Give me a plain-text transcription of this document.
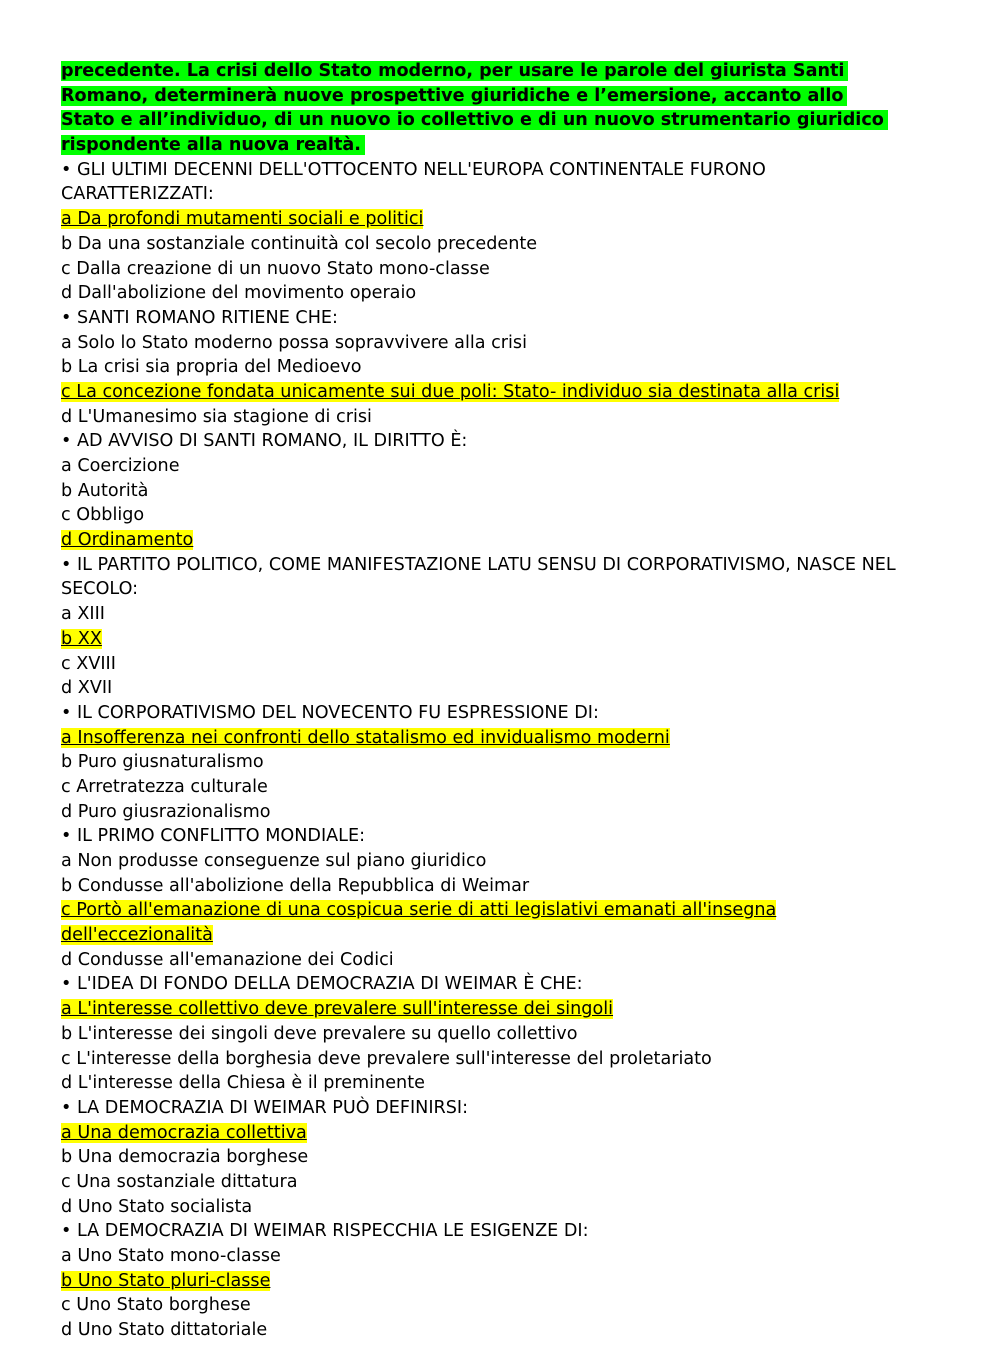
precedente. La crisi dello Stato moderno, per usare le parole del giurista Santi
Romano, determinerà nuove prospettive giuridiche e l’emersione, accanto allo
Stato e all’individuo, di un nuovo io collettivo e di un nuovo strumentario giuridico
rispondente alla nuova realtà.
• GLI ULTIMI DECENNI DELL'OTTOCENTO NELL'EUROPA CONTINENTALE FURONO
CARATTERIZZATI:
a Da profondi mutamenti sociali e politici
b Da una sostanziale continuità col secolo precedente
c Dalla creazione di un nuovo Stato mono-classe
d Dall'abolizione del movimento operaio
• SANTI ROMANO RITIENE CHE:
a Solo lo Stato moderno possa sopravvivere alla crisi
b La crisi sia propria del Medioevo
c La concezione fondata unicamente sui due poli: Stato- individuo sia destinata alla crisi
d L'Umanesimo sia stagione di crisi
• AD AVVISO DI SANTI ROMANO, IL DIRITTO È:
a Coercizione
b Autorità
c Obbligo
d Ordinamento
• IL PARTITO POLITICO, COME MANIFESTAZIONE LATU SENSU DI CORPORATIVISMO, NASCE NEL
SECOLO:
a XIII
b XX
c XVIII
d XVII
• IL CORPORATIVISMO DEL NOVECENTO FU ESPRESSIONE DI:
a Insofferenza nei confronti dello statalismo ed invidualismo moderni
b Puro giusnaturalismo
c Arretratezza culturale
d Puro giusrazionalismo
• IL PRIMO CONFLITTO MONDIALE:
a Non produsse conseguenze sul piano giuridico
b Condusse all'abolizione della Repubblica di Weimar
c Portò all'emanazione di una cospicua serie di atti legislativi emanati all'insegna
dell'eccezionalità
d Condusse all'emanazione dei Codici
• L'IDEA DI FONDO DELLA DEMOCRAZIA DI WEIMAR È CHE:
a L'interesse collettivo deve prevalere sull'interesse dei singoli
b L'interesse dei singoli deve prevalere su quello collettivo
c L'interesse della borghesia deve prevalere sull'interesse del proletariato
d L'interesse della Chiesa è il preminente
• LA DEMOCRAZIA DI WEIMAR PUÒ DEFINIRSI:
a Una democrazia collettiva
b Una democrazia borghese
c Una sostanziale dittatura
d Uno Stato socialista
• LA DEMOCRAZIA DI WEIMAR RISPECCHIA LE ESIGENZE DI:
a Uno Stato mono-classe
b Uno Stato pluri-classe
c Uno Stato borghese
d Uno Stato dittatoriale
